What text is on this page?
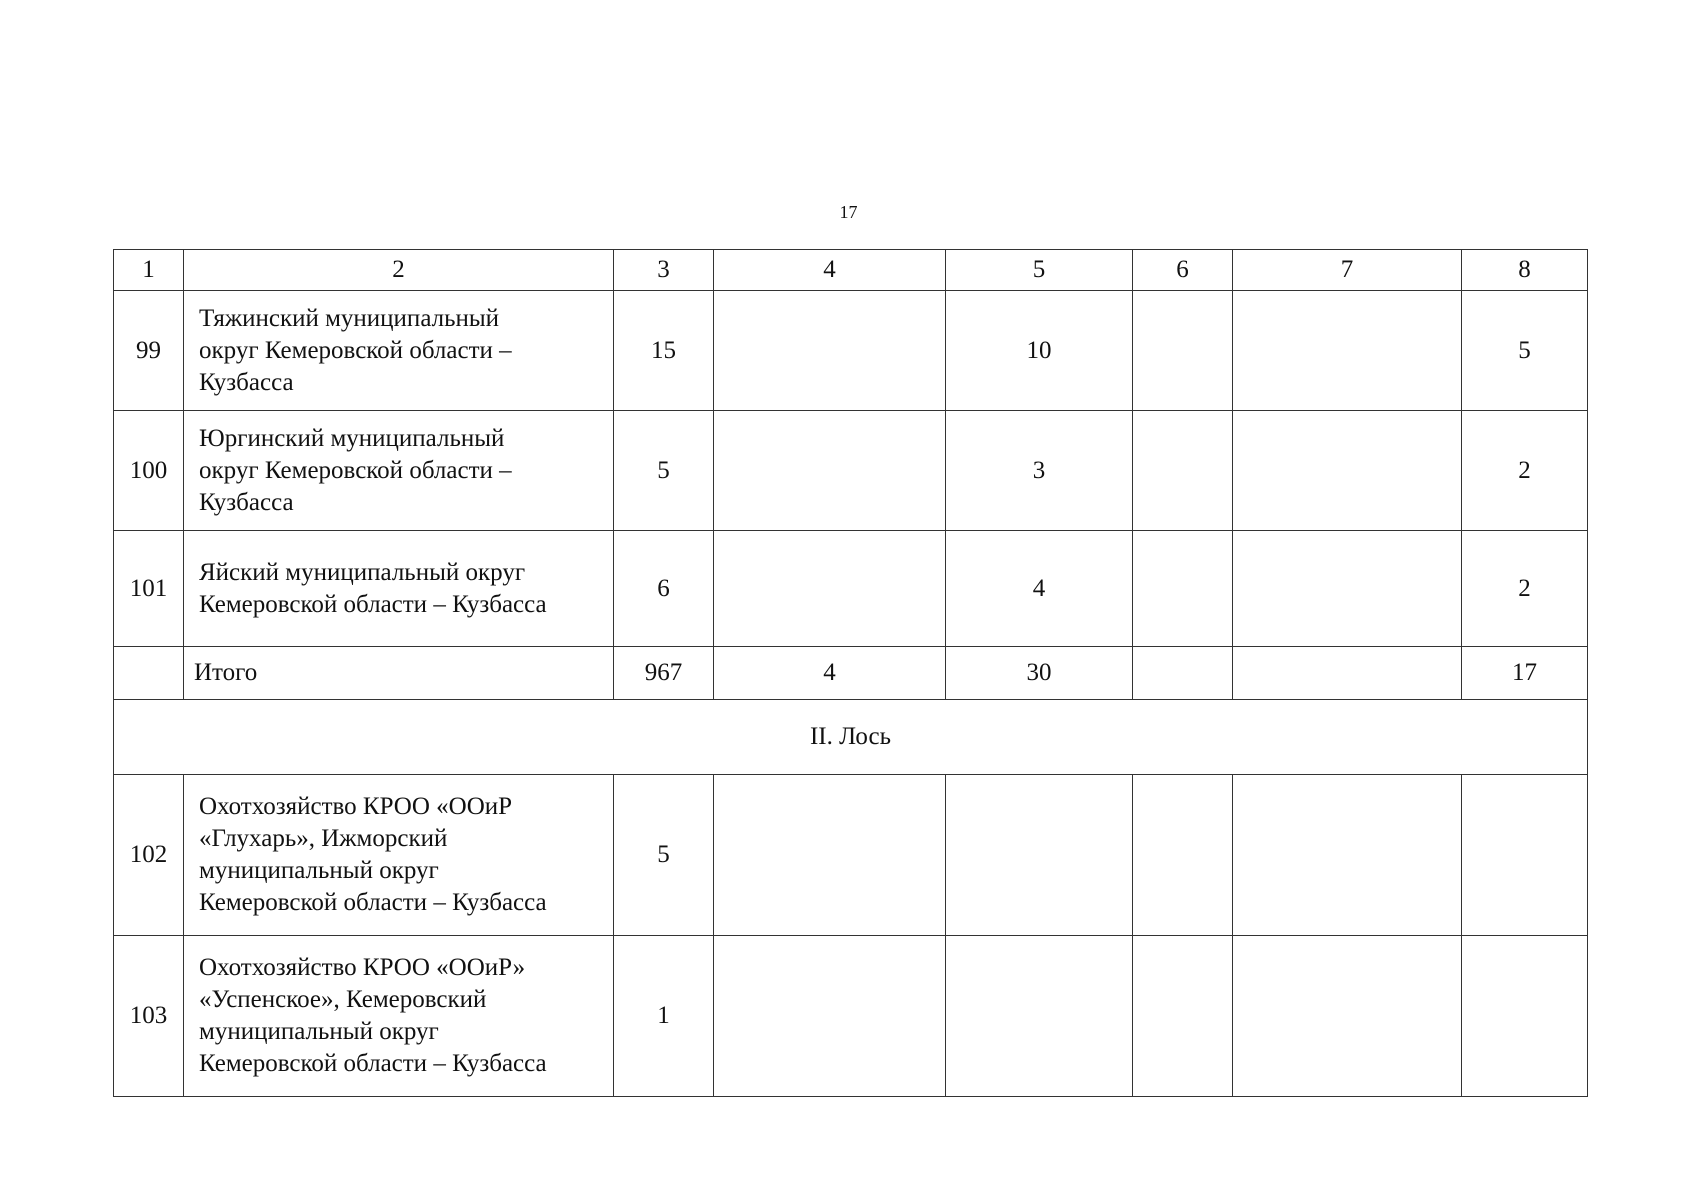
17
1	2	3	4	5	6	7	8
99	Тяжинский муниципальный
округ Кемеровской области –
Кузбасса	15		10			5
100	Юргинский муниципальный
округ Кемеровской области –
Кузбасса	5		3			2
101	Яйский муниципальный округ
Кемеровской области – Кузбасса	6		4			2
	Итого	967	4	30			17
II. Лось							
102	Охотхозяйство КРОО «ООиР
«Глухарь», Ижморский
муниципальный округ
Кемеровской области – Кузбасса	5					
103	Охотхозяйство КРОО «ООиР»
«Успенское», Кемеровский
муниципальный округ
Кемеровской области – Кузбасса	1					
